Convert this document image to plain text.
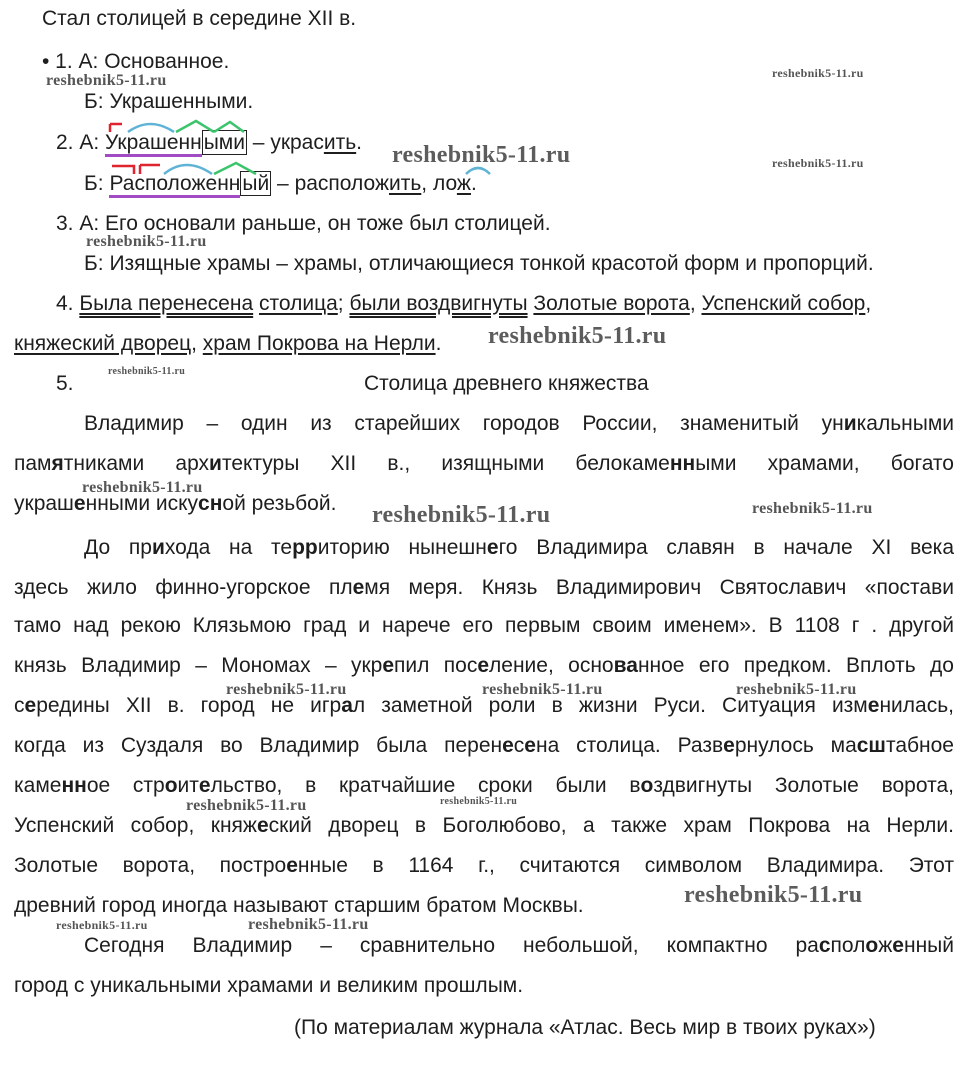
Стал столицей в середине XII в.
• 1. А: Основанное.
Б: Украшенными.
2. А: Украшенными – украсить.
Б: Расположенный – расположить, лож.
3. А: Его основали раньше, он тоже был столицей.
Б: Изящные храмы – храмы, отличающиеся тонкой красотой форм и пропорций.
4. Была перенесена столица; были воздвигнуты Золотые ворота, Успенский собор,
княжеский дворец, храм Покрова на Нерли.
5.	Столица древнего княжества
Владимир – один из старейших городов России, знаменитый уникальными
памятниками архитектуры XII в., изящными белокаменными храмами, богато
украшенными искусной резьбой.
До прихода на территорию нынешнего Владимира славян в начале XI века
здесь жило финно-угорское племя меря. Князь Владимирович Святославич «постави
тамо над рекою Клязьмою град и нарече его первым своим именем». В 1108 г . другой
князь Владимир – Мономах – укрепил поселение, основанное его предком. Вплоть до
середины XII в. город не играл заметной роли в жизни Руси. Ситуация изменилась,
когда из Суздаля во Владимир была перенесена столица. Развернулось масштабное
каменное строительство, в кратчайшие сроки были воздвигнуты Золотые ворота,
Успенский собор, княжеский дворец в Боголюбово, а также храм Покрова на Нерли.
Золотые ворота, построенные в 1164 г., считаются символом Владимира. Этот
древний город иногда называют старшим братом Москвы.
Сегодня Владимир – сравнительно небольшой, компактно расположенный
город с уникальными храмами и великим прошлым.
(По материалам журнала «Атлас. Весь мир в твоих руках»)
reshebnik5-11.ru	reshebnik5-11.ru
reshebnik5-11.ru	reshebnik5-11.ru
reshebnik5-11.ru
reshebnik5-11.ru
reshebnik5-11.ru
reshebnik5-11.ru
reshebnik5-11.ru	reshebnik5-11.ru
reshebnik5-11.ru	reshebnik5-11.ru	reshebnik5-11.ru
reshebnik5-11.ru	reshebnik5-11.ru
reshebnik5-11.ru
reshebnik5-11.ru	reshebnik5-11.ru
